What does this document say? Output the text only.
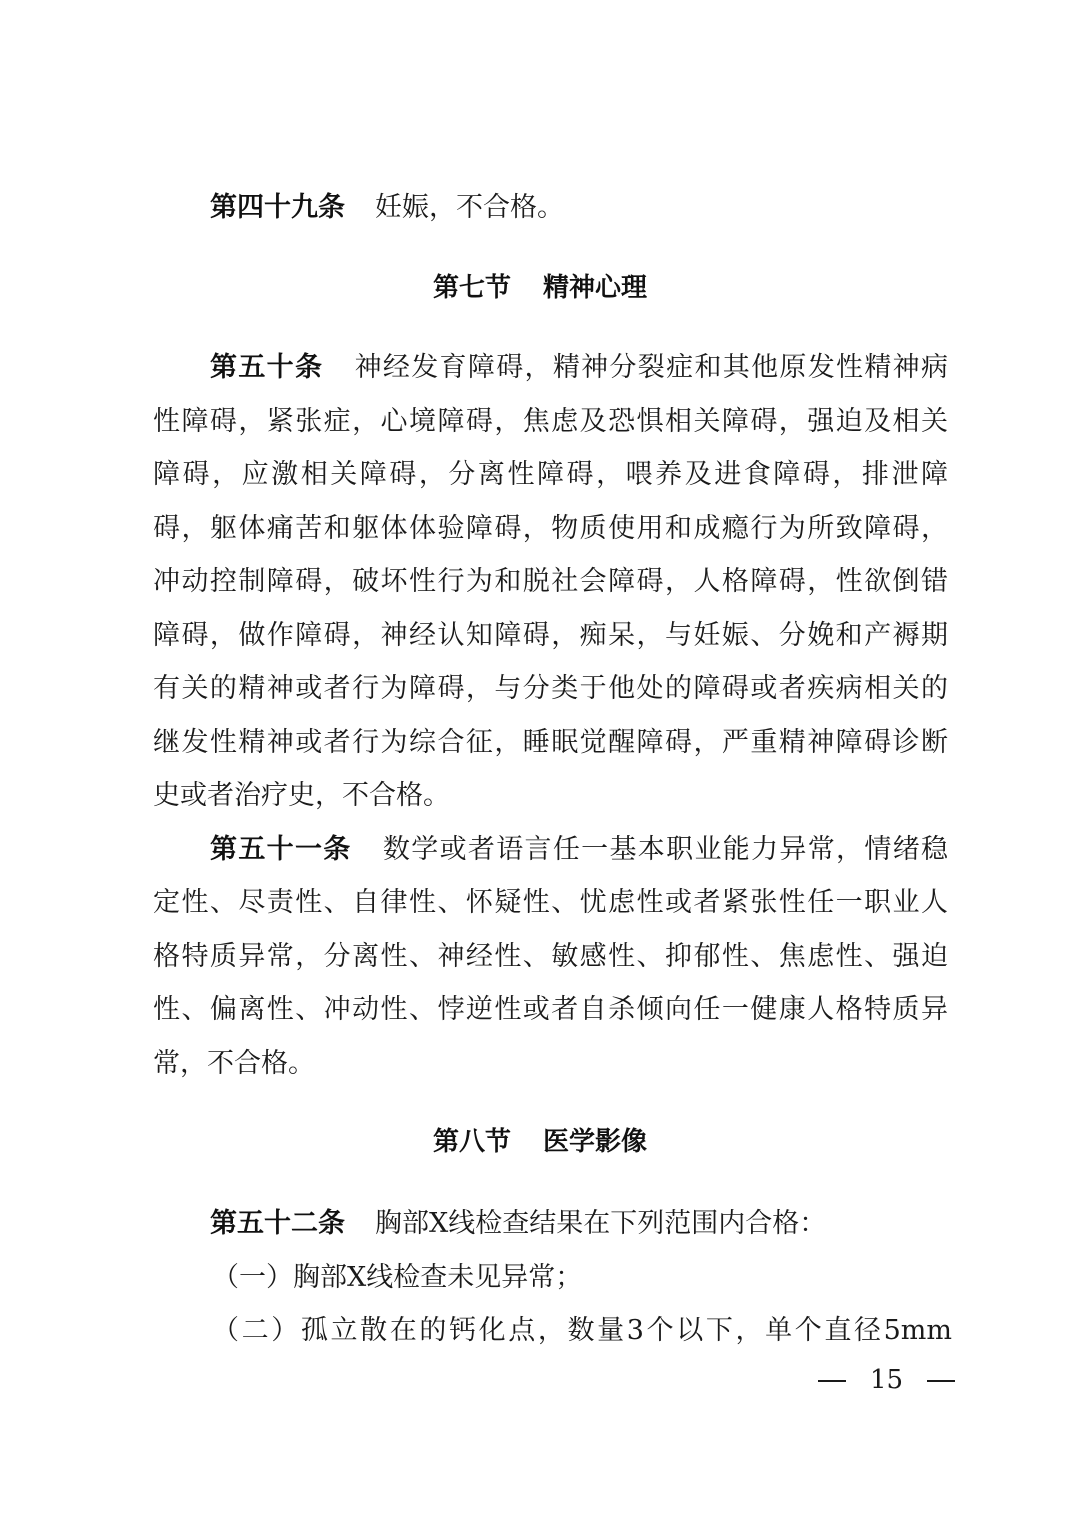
第四十九条 妊娠，不合格。
第七节 精神心理
第五十条 神经发育障碍，精神分裂症和其他原发性精神病
性障碍，紧张症，心境障碍，焦虑及恐惧相关障碍，强迫及相关
障碍，应激相关障碍，分离性障碍，喂养及进食障碍，排泄障
碍，躯体痛苦和躯体体验障碍，物质使用和成瘾行为所致障碍，
冲动控制障碍，破坏性行为和脱社会障碍，人格障碍，性欲倒错
障碍，做作障碍，神经认知障碍，痴呆，与妊娠、分娩和产褥期
有关的精神或者行为障碍，与分类于他处的障碍或者疾病相关的
继发性精神或者行为综合征，睡眠觉醒障碍，严重精神障碍诊断
史或者治疗史，不合格。
第五十一条 数学或者语言任一基本职业能力异常，情绪稳
定性、尽责性、自律性、怀疑性、忧虑性或者紧张性任一职业人
格特质异常，分离性、神经性、敏感性、抑郁性、焦虑性、强迫
性、偏离性、冲动性、悖逆性或者自杀倾向任一健康人格特质异
常，不合格。
第八节 医学影像
第五十二条 胸部X线检查结果在下列范围内合格：
（一）胸部X线检查未见异常；
（二）孤立散在的钙化点，数量3个以下，单个直径5mm
15
